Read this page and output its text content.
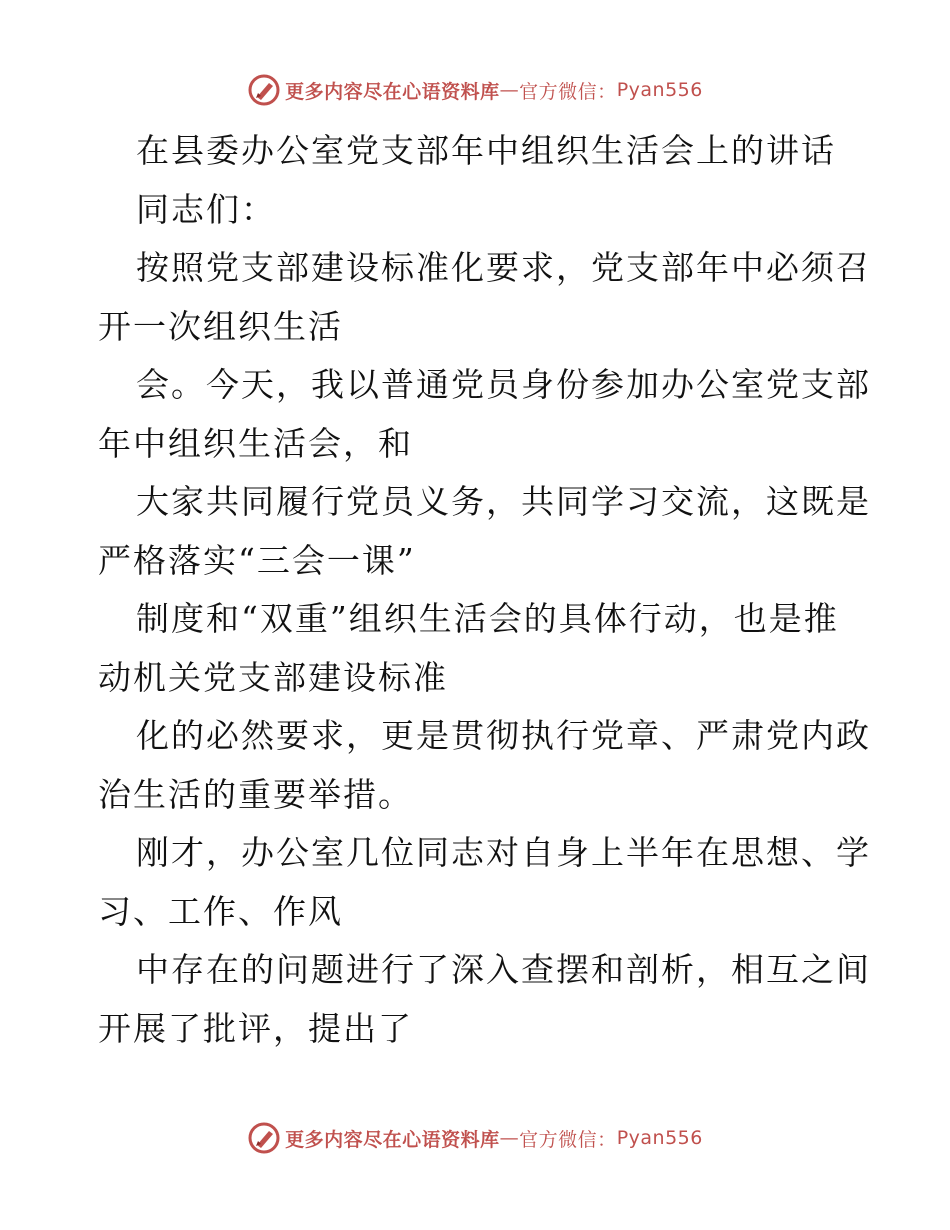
更多内容尽在心语资料库 — 官方微信： Pyan556

在县委办公室党支部年中组织生活会上的讲话
同志们：
按照党支部建设标准化要求，党支部年中必须召
开一次组织生活
会。今天，我以普通党员身份参加办公室党支部
年中组织生活会，和
大家共同履行党员义务，共同学习交流，这既是
严格落实“三会一课”
制度和“双重”组织生活会的具体行动，也是推
动机关党支部建设标准
化的必然要求，更是贯彻执行党章、严肃党内政
治生活的重要举措。
刚才，办公室几位同志对自身上半年在思想、学
习、工作、作风
中存在的问题进行了深入查摆和剖析，相互之间
开展了批评，提出了

更多内容尽在心语资料库 — 官方微信： Pyan556
